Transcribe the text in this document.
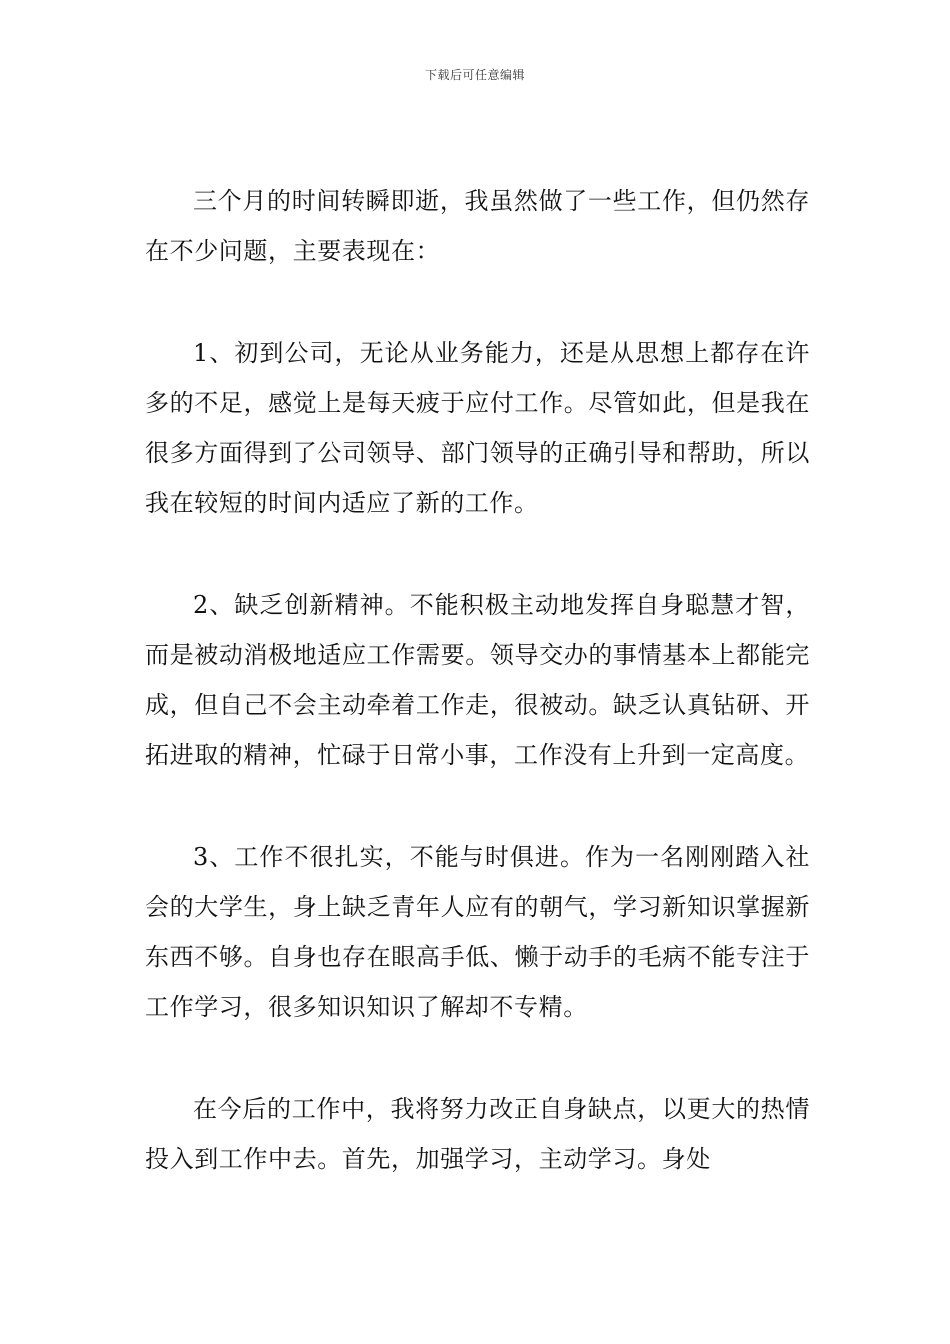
下载后可任意编辑

三个月的时间转瞬即逝，我虽然做了一些工作，但仍然存在不少问题，主要表现在：

1、初到公司，无论从业务能力，还是从思想上都存在许多的不足，感觉上是每天疲于应付工作。尽管如此，但是我在很多方面得到了公司领导、部门领导的正确引导和帮助，所以我在较短的时间内适应了新的工作。

2、缺乏创新精神。不能积极主动地发挥自身聪慧才智，而是被动消极地适应工作需要。领导交办的事情基本上都能完成，但自己不会主动牵着工作走，很被动。缺乏认真钻研、开拓进取的精神，忙碌于日常小事，工作没有上升到一定高度。

3、工作不很扎实，不能与时俱进。作为一名刚刚踏入社会的大学生，身上缺乏青年人应有的朝气，学习新知识掌握新东西不够。自身也存在眼高手低、懒于动手的毛病不能专注于工作学习，很多知识知识了解却不专精。

在今后的工作中，我将努力改正自身缺点，以更大的热情投入到工作中去。首先，加强学习，主动学习。身处
